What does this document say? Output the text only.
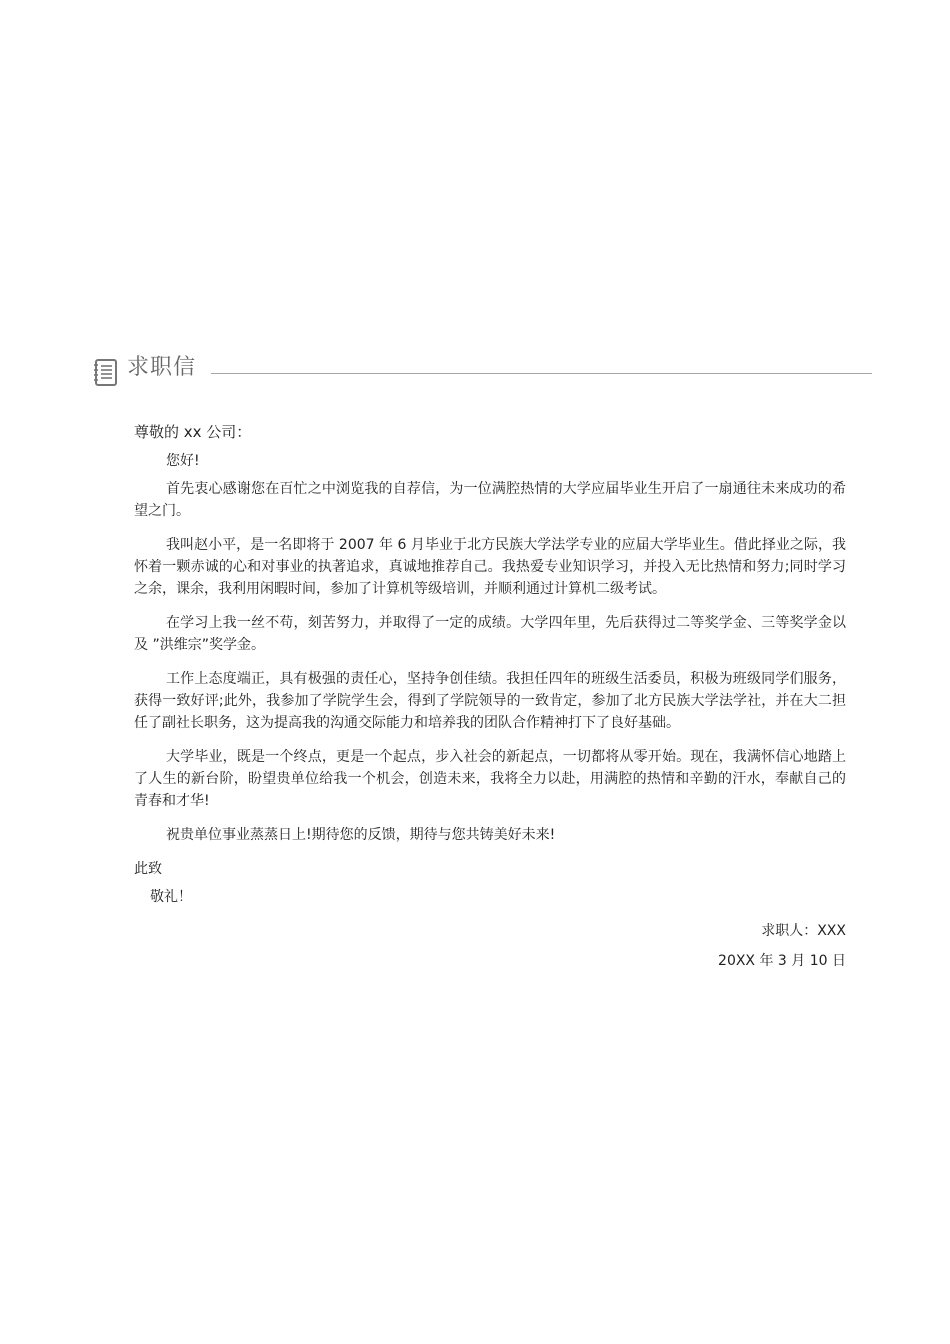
求职信

尊敬的 xx 公司：

您好!

首先衷心感谢您在百忙之中浏览我的自荐信，为一位满腔热情的大学应届毕业生开启了一扇通往未来成功的希望之门。

我叫赵小平，是一名即将于 2007 年 6 月毕业于北方民族大学法学专业的应届大学毕业生。借此择业之际，我怀着一颗赤诚的心和对事业的执著追求，真诚地推荐自己。我热爱专业知识学习，并投入无比热情和努力;同时学习之余，课余，我利用闲暇时间，参加了计算机等级培训，并顺利通过计算机二级考试。

在学习上我一丝不苟，刻苦努力，并取得了一定的成绩。大学四年里，先后获得过二等奖学金、三等奖学金以及 ”洪维宗”奖学金。

工作上态度端正，具有极强的责任心，坚持争创佳绩。我担任四年的班级生活委员，积极为班级同学们服务，获得一致好评;此外，我参加了学院学生会，得到了学院领导的一致肯定，参加了北方民族大学法学社，并在大二担任了副社长职务，这为提高我的沟通交际能力和培养我的团队合作精神打下了良好基础。

大学毕业，既是一个终点，更是一个起点，步入社会的新起点，一切都将从零开始。现在，我满怀信心地踏上了人生的新台阶，盼望贵单位给我一个机会，创造未来，我将全力以赴，用满腔的热情和辛勤的汗水，奉献自己的青春和才华!

祝贵单位事业蒸蒸日上!期待您的反馈，期待与您共铸美好未来!

此致

敬礼！

求职人：XXX

20XX 年 3 月 10 日
